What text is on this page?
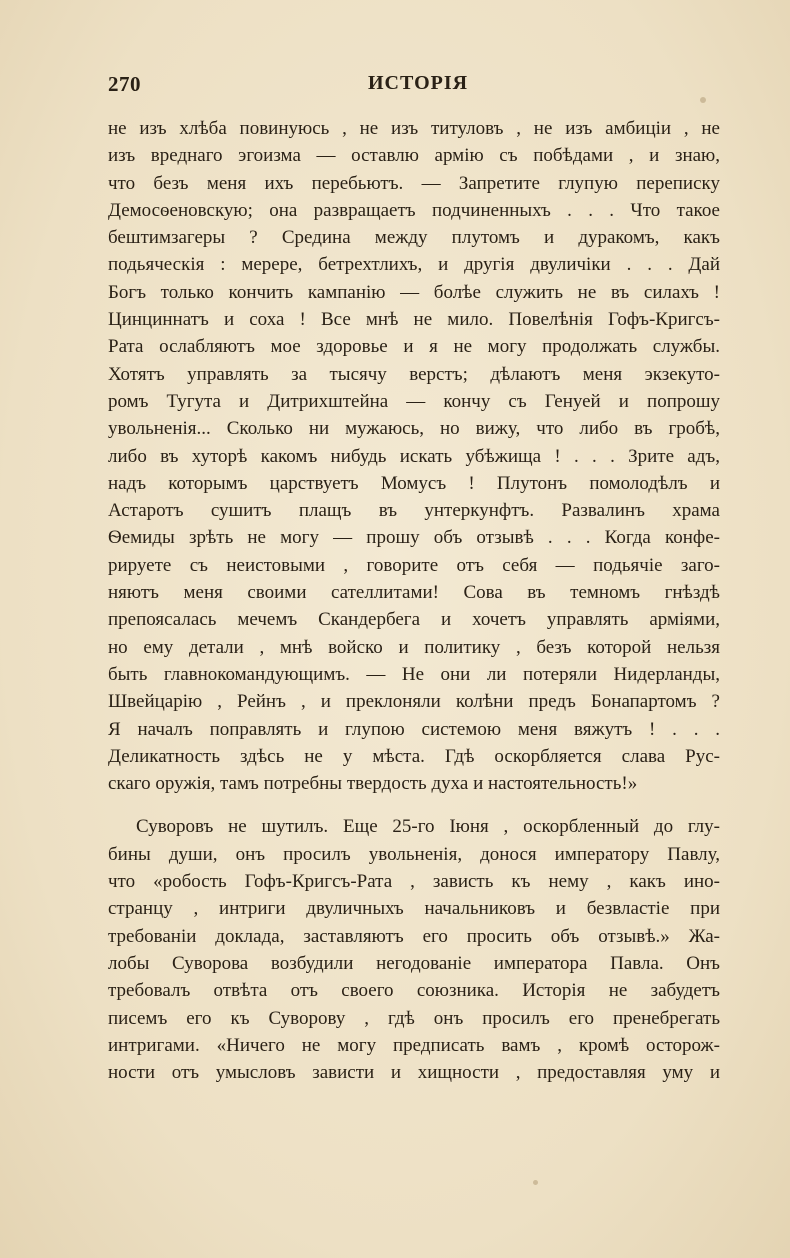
270	ИСТОРІЯ
не изъ хлѣба повинуюсь , не изъ титуловъ , не изъ амбиціи , не
изъ вреднаго эгоизма — оставлю армію съ побѣдами , и знаю,
что безъ меня ихъ перебьютъ. — Запретите глупую переписку
Демосѳеновскую; она развращаетъ подчиненныхъ . . . Что такое
бештимзагеры ? Средина между плутомъ и дуракомъ, какъ
подьяческія : мерере, бетрехтлихъ, и другія двуличіки . . . Дай
Богъ только кончить кампанію — болѣе служить не въ силахъ !
Цинциннатъ и соха ! Все мнѣ не мило. Повелѣнія Гофъ-Кригсъ-
Рата ослабляютъ мое здоровье и я не могу продолжать службы.
Хотятъ управлять за тысячу верстъ; дѣлаютъ меня экзекуто-
ромъ Тугута и Дитрихштейна — кончу съ Генуей и попрошу
увольненія... Сколько ни мужаюсь, но вижу, что либо въ гробѣ,
либо въ хуторѣ какомъ нибудь искать убѣжища ! . . . Зрите адъ,
надъ которымъ царствуетъ Момусъ ! Плутонъ помолодѣлъ и
Астаротъ сушитъ плащъ въ унтеркунфтъ. Развалинъ храма
Ѳемиды зрѣть не могу — прошу объ отзывѣ . . . Когда конфе-
рируете съ неистовыми , говорите отъ себя — подьячіе заго-
няютъ меня своими сателлитами! Сова въ темномъ гнѣздѣ
препоясалась мечемъ Скандербега и хочетъ управлять арміями,
но ему детали , мнѣ войско и политику , безъ которой нельзя
быть главнокомандующимъ. — Не они ли потеряли Нидерланды,
Швейцарію , Рейнъ , и преклоняли колѣни предъ Бонапартомъ ?
Я началъ поправлять и глупою системою меня вяжутъ ! . . .
Деликатность здѣсь не у мѣста. Гдѣ оскорбляется слава Рус-
скаго оружія, тамъ потребны твердость духа и настоятельность!»
Суворовъ не шутилъ. Еще 25-го Іюня , оскорбленный до глу-
бины души, онъ просилъ увольненія, донося императору Павлу,
что «робость Гофъ-Кригсъ-Рата , зависть къ нему , какъ ино-
странцу , интриги двуличныхъ начальниковъ и безвластіе при
требованіи доклада, заставляютъ его просить объ отзывѣ.» Жа-
лобы Суворова возбудили негодованіе императора Павла. Онъ
требовалъ отвѣта отъ своего союзника. Исторія не забудетъ
писемъ его къ Суворову , гдѣ онъ просилъ его пренебрегать
интригами. «Ничего не могу предписать вамъ , кромѣ осторож-
ности отъ умысловъ зависти и хищности , предоставляя уму и
